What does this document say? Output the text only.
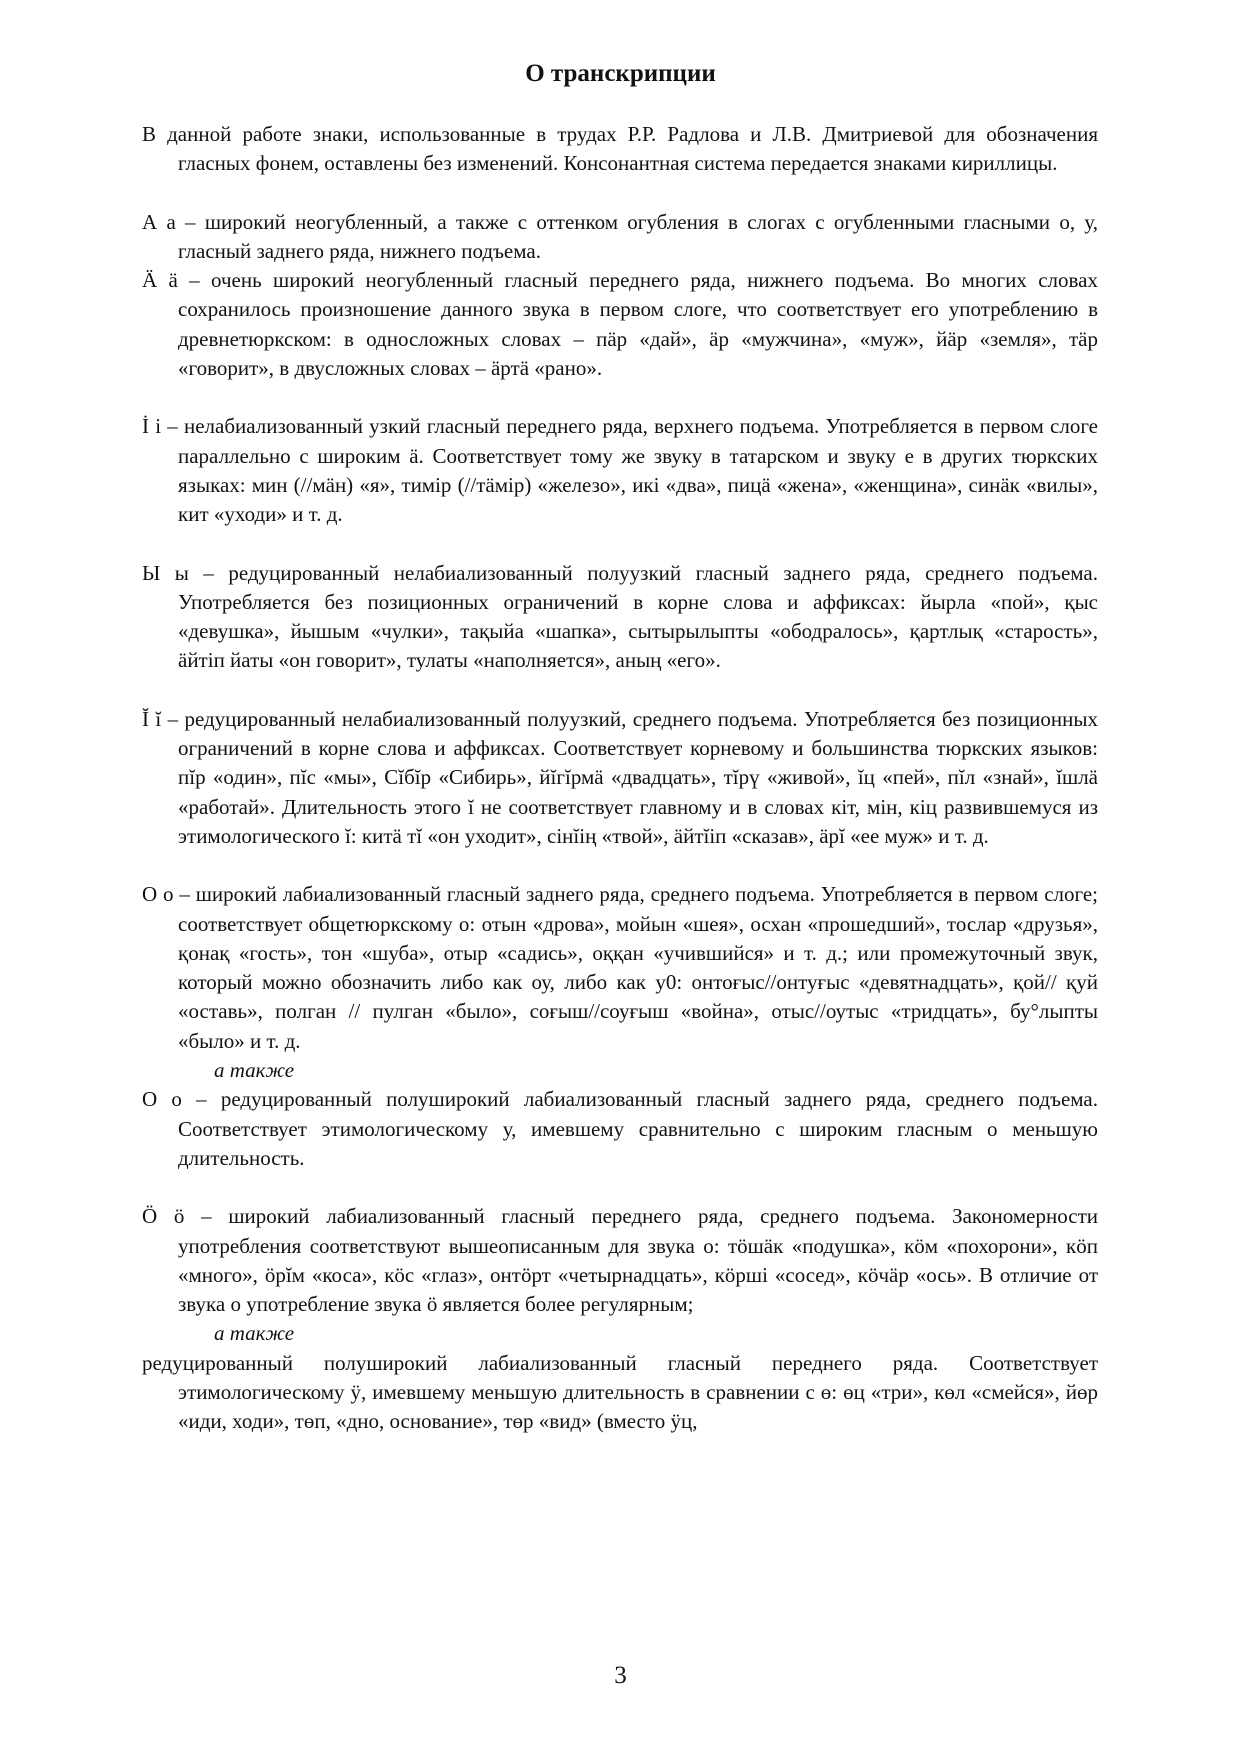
О транскрипции

В данной работе знаки, использованные в трудах Р.Р. Радлова и Л.В. Дмитриевой для обозначения гласных фонем, оставлены без изменений. Консонантная система передается знаками кириллицы.

А а – широкий неогубленный, а также с оттенком огубления в слогах с огубленными гласными о, у, гласный заднего ряда, нижнего подъема.

Ӓ ӓ – очень широкий неогубленный гласный переднего ряда, нижнего подъема. Во многих словах сохранилось произношение данного звука в первом слоге, что соответствует его употреблению в древнетюркском: в односложных словах – пӓр «дай», ӓр «мужчина», «муж», йӓр «земля», тӓр «говорит», в двусложных словах – ӓртӓ «рано».

İ i – нелабиализованный узкий гласный переднего ряда, верхнего подъема. Употребляется в первом слоге параллельно с широким ӓ. Соответствует тому же звуку в татарском и звуку е в других тюркских языках: мин (//мӓн) «я», тимір (//тӓмір) «железо», икі «два», пицӓ «жена», «женщина», синӓк «вилы», кит «уходи» и т. д.

Ы ы – редуцированный нелабиализованный полуузкий гласный заднего ряда, среднего подъема. Употребляется без позиционных ограничений в корне слова и аффиксах: йырла «пой», қыс «девушка», йышым «чулки», тақыйа «шапка», сытырылыпты «ободралось», қартлық «старость», ӓйтіп йаты «он говорит», тулаты «наполняется», аның «его».

Ĭ ĭ – редуцированный нелабиализованный полуузкий, среднего подъема. Употребляется без позиционных ограничений в корне слова и аффиксах. Соответствует корневому и большинства тюркских языков: пĭр «один», пĭс «мы», Сĭбĭр «Сибирь», йĭгĭрмӓ «двадцать», тĭрү «живой», ĭц «пей», пĭл «знай», ĭшлӓ «работай». Длительность этого ĭ не соответствует главному и в словах кіт, мін, кіц развившемуся из этимологического ĭ: китӓ тĭ «он уходит», сінĭің «твой», ӓйтĭіп «сказав», ӓрĭ «ее муж» и т. д.

О о – широкий лабиализованный гласный заднего ряда, среднего подъема. Употребляется в первом слоге; соответствует общетюркскому о: отын «дрова», мойын «шея», осхан «прошедший», тослар «друзья», қонақ «гость», тон «шуба», отыр «садись», оққан «учившийся» и т. д.; или промежуточный звук, который можно обозначить либо как оу, либо как у0: онтоғыс//онтуғыс «девятнадцать», қой// қуй «оставь», полган // пулган «было», соғыш//соуғыш «война», отыс//оутыс «тридцать», бу°лыпты «было» и т. д.

а также

О о – редуцированный полуширокий лабиализованный гласный заднего ряда, среднего подъема. Соответствует этимологическому у, имевшему сравнительно с широким гласным о меньшую длительность.

Ӧ ӧ – широкий лабиализованный гласный переднего ряда, среднего подъема. Закономерности употребления соответствуют вышеописанным для звука о: тӧшӓк «подушка», кӧм «похорони», кӧп «много», ӧрĭм «коса», кӧс «глаз», онтӧрт «четырнадцать», кӧрші «сосед», кӧчӓр «ось». В отличие от звука о употребление звука ӧ является более регулярным;

а также

редуцированный полуширокий лабиализованный гласный переднего ряда. Соответствует этимологическому ӱ, имевшему меньшую длительность в сравнении с ө: өц «три», көл «смейся», йөр «иди, ходи», төп, «дно, основание», төр «вид» (вместо ӱц,

3
